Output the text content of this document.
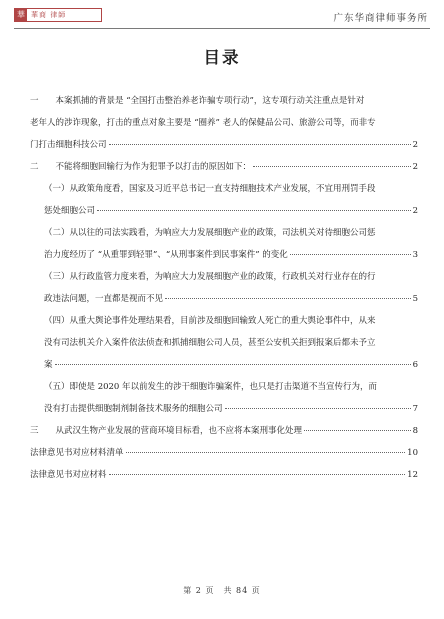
華 華商 律師	广东华商律师事务所
目录
一　　本案抓捕的背景是 “全国打击整治养老诈骗专项行动”，这专项行动关注重点是针对
老年人的涉诈现象，打击的重点对象主要是 “圈养” 老人的保健品公司、旅游公司等，而非专
门打击细胞科技公司	2
二　　不能将细胞回输行为作为犯罪予以打击的原因如下：	2
（一）从政策角度看，国家及习近平总书记一直支持细胞技术产业发展，不宜用刑罚手段
惩处细胞公司	2
（二）从以往的司法实践看，为响应大力发展细胞产业的政策，司法机关对待细胞公司惩
治力度经历了 “从重罪到轻罪”、“从刑事案件到民事案件” 的变化	3
（三）从行政监管力度来看，为响应大力发展细胞产业的政策，行政机关对行业存在的行
政违法问题，一直都是视而不见	5
（四）从重大舆论事件处理结果看，目前涉及细胞回输致人死亡的重大舆论事件中，从来
没有司法机关介入案件依法侦查和抓捕细胞公司人员，甚至公安机关拒到报案后都未予立
案	6
（五）即使是 2020 年以前发生的涉干细胞诈骗案件，也只是打击渠道不当宣传行为，而
没有打击提供细胞制剂制备技术服务的细胞公司	7
三　　从武汉生物产业发展的营商环境目标看，也不应将本案刑事化处理	8
法律意见书对应材料清单	10
法律意见书对应材料	12
第 2 页　共 84 页
